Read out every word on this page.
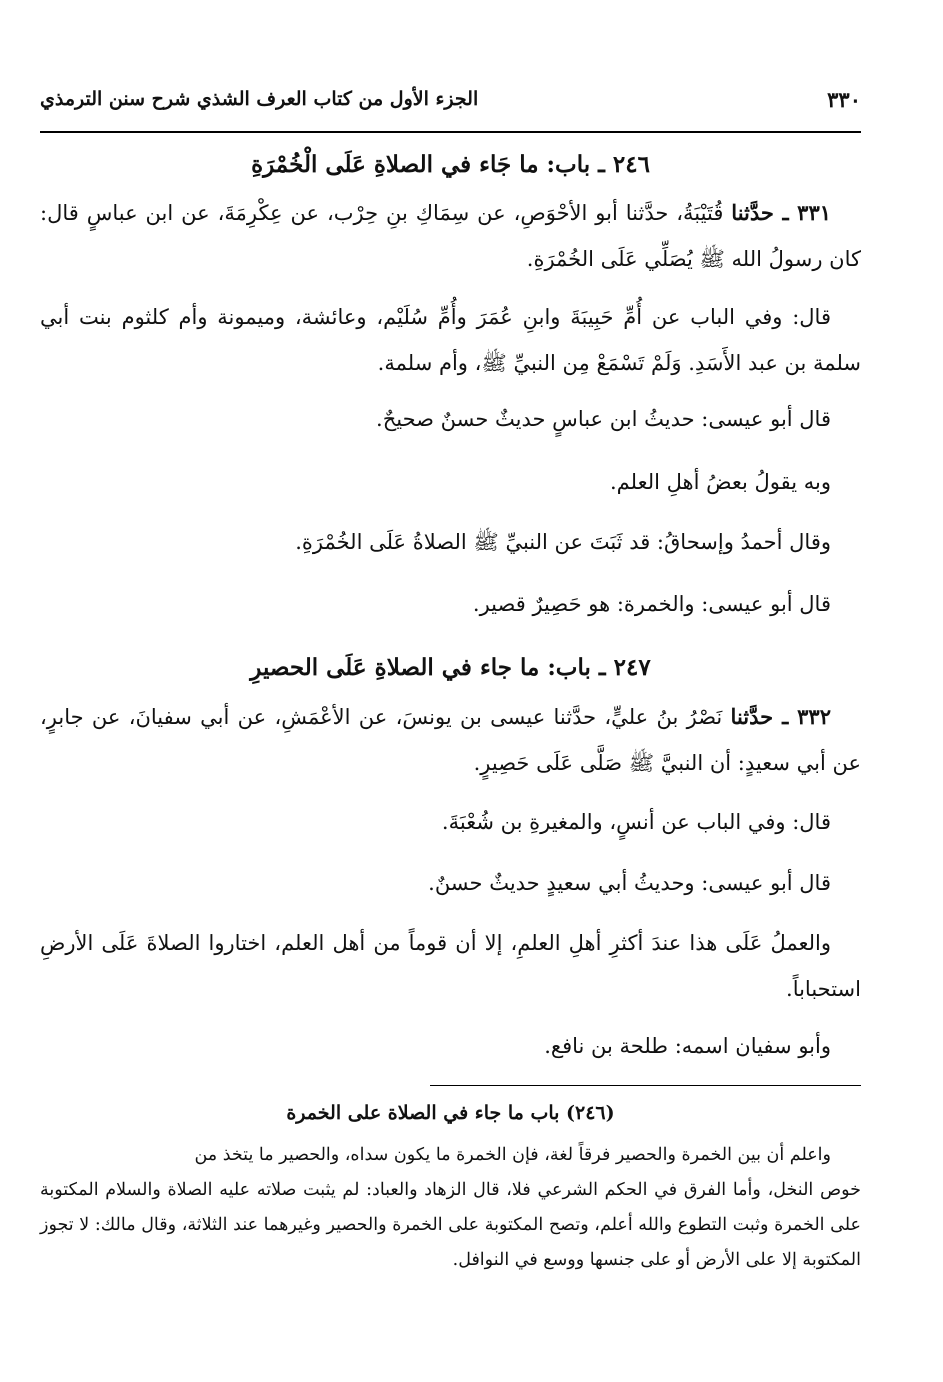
٣٣٠
الجزء الأول من كتاب العرف الشذي شرح سنن الترمذي
٢٤٦ ـ باب: ما جَاء في الصلاةِ عَلَى الْخُمْرَةِ
٣٣١ ـ حدَّثنا قُتَيْبَةُ، حدَّثنا أبو الأحْوَصِ، عن سِمَاكِ بنِ حِرْب، عن عِكْرِمَةَ، عن ابن عباسٍ قال: كان رسولُ الله ﷺ يُصَلِّي عَلَى الخُمْرَةِ.
قال: وفي الباب عن أُمِّ حَبِيبَةَ وابنِ عُمَرَ وأُمِّ سُلَيْم، وعائشة، وميمونة وأم كلثوم بنت أبي سلمة بن عبد الأَسَدِ. وَلَمْ تَسْمَعْ مِن النبيِّ ﷺ، وأم سلمة.
قال أبو عيسى: حديثُ ابن عباسٍ حديثٌ حسنٌ صحيحٌ.
وبه يقولُ بعضُ أهلِ العلم.
وقال أحمدُ وإسحاقُ: قد ثَبَتَ عن النبيِّ ﷺ الصلاةُ عَلَى الخُمْرَةِ.
قال أبو عيسى: والخمرة: هو حَصِيرٌ قصير.
٢٤٧ ـ باب: ما جاء في الصلاةِ عَلَى الحصيرِ
٣٣٢ ـ حدَّثنا نَصْرُ بنُ عليٍّ، حدَّثنا عيسى بن يونسَ، عن الأعْمَشِ، عن أبي سفيانَ، عن جابرٍ، عن أبي سعيدٍ: أن النبيَّ ﷺ صَلَّى عَلَى حَصِيرٍ.
قال: وفي الباب عن أنسٍ، والمغيرةِ بن شُعْبَةَ.
قال أبو عيسى: وحديثُ أبي سعيدٍ حديثٌ حسنٌ.
والعملُ عَلَى هذا عندَ أكثرِ أهلِ العلمِ، إلا أن قوماً من أهل العلم، اختاروا الصلاةَ عَلَى الأرضِ استحباباً.
وأبو سفيان اسمه: طلحة بن نافع.
(٢٤٦) باب ما جاء في الصلاة على الخمرة
واعلم أن بين الخمرة والحصير فرقاً لغة، فإن الخمرة ما يكون سداه، والحصير ما يتخذ من
خوص النخل، وأما الفرق في الحكم الشرعي فلا، قال الزهاد والعباد: لم يثبت صلاته عليه الصلاة والسلام المكتوبة على الخمرة وثبت التطوع والله أعلم، وتصح المكتوبة على الخمرة والحصير وغيرهما عند الثلاثة، وقال مالك: لا تجوز المكتوبة إلا على الأرض أو على جنسها ووسع في النوافل.
